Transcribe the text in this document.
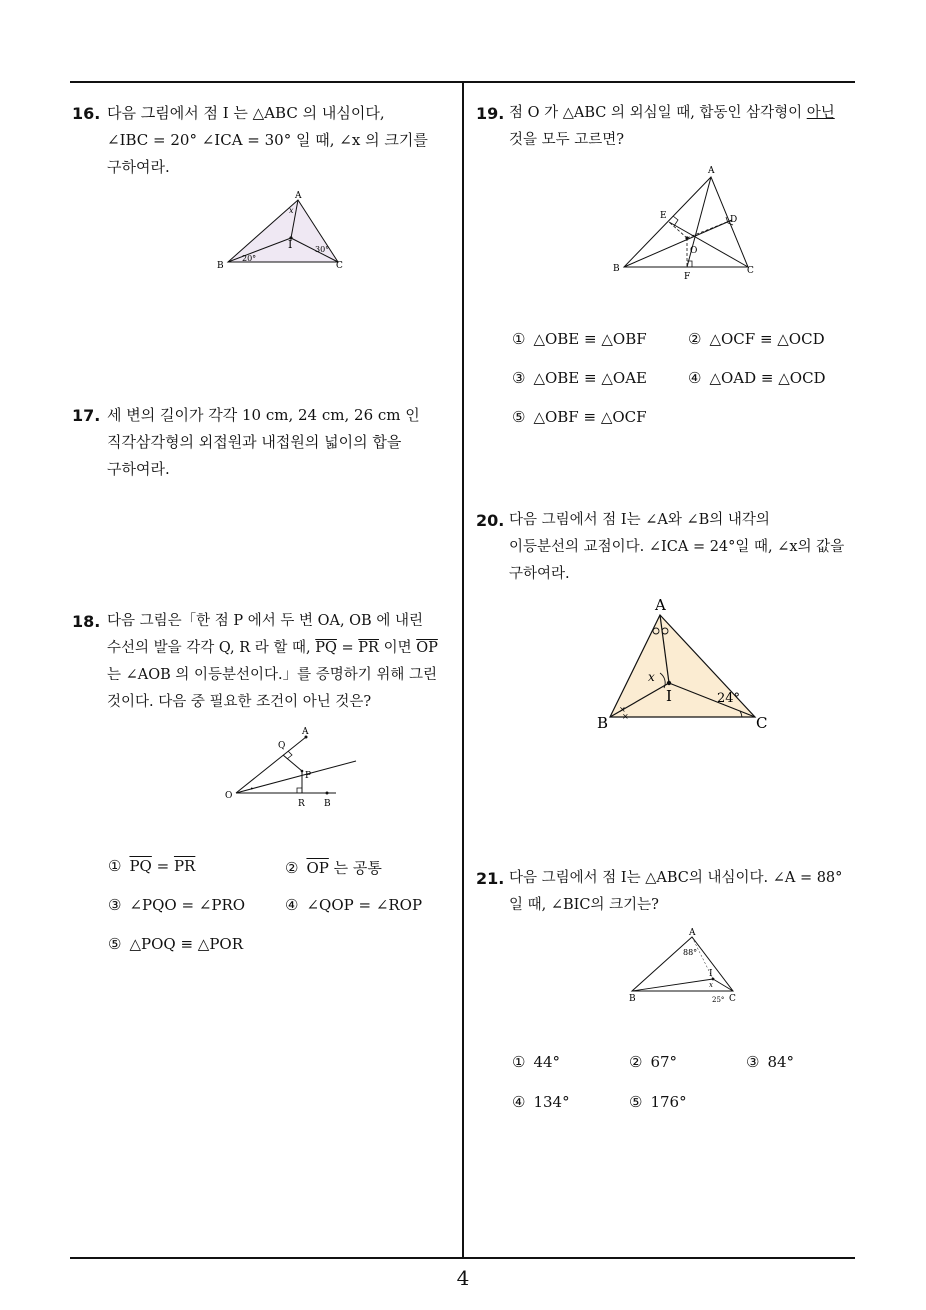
16. 다음 그림에서 점 I 는 △ABC 의 내심이다,
∠IBC = 20° ∠ICA = 30° 일 때, ∠x 의 크기를
구하여라.
A
B	C
I
x
20°
30°
17. 세 변의 길이가 각각 10 cm, 24 cm, 26 cm 인
직각삼각형의 외접원과 내접원의 넓이의 합을
구하여라.
18. 다음 그림은「한 점 P 에서 두 변 OA, OB 에 내린
수선의 발을 각각 Q, R 라 할 때, $\overline{PQ} = \overline{PR}$ 이면 $\overline{OP}$
는 ∠AOB 의 이등분선이다.」를 증명하기 위해 그린
것이다. 다음 중 필요한 조건이 아닌 것은?
•
O
A
B
Q
P
R
① $\overline{PQ} = \overline{PR}$	② $\overline{OP}$ 는 공통
③ ∠PQO = ∠PRO	④ ∠QOP = ∠ROP
⑤ △POQ ≡ △POR
19. 점 O 가 △ABC 의 외심일 때, 합동인 삼각형이 아닌
것을 모두 고르면?
A
B	C
D
E
F
O
① △OBE ≡ △OBF	② △OCF ≡ △OCD
③ △OBE ≡ △OAE	④ △OAD ≡ △OCD
⑤ △OBF ≡ △OCF
20. 다음 그림에서 점 I는 ∠A와 ∠B의 내각의
이등분선의 교점이다. ∠ICA = 24°일 때, ∠x의 값을
구하여라.
A
B	C
I
x
24°
×
×
21. 다음 그림에서 점 I는 △ABC의 내심이다. ∠A = 88°
일 때, ∠BIC의 크기는?
A
B	C
I
x
88°
25°
① 44°	② 67°	③ 84°
④ 134°	⑤ 176°
4
